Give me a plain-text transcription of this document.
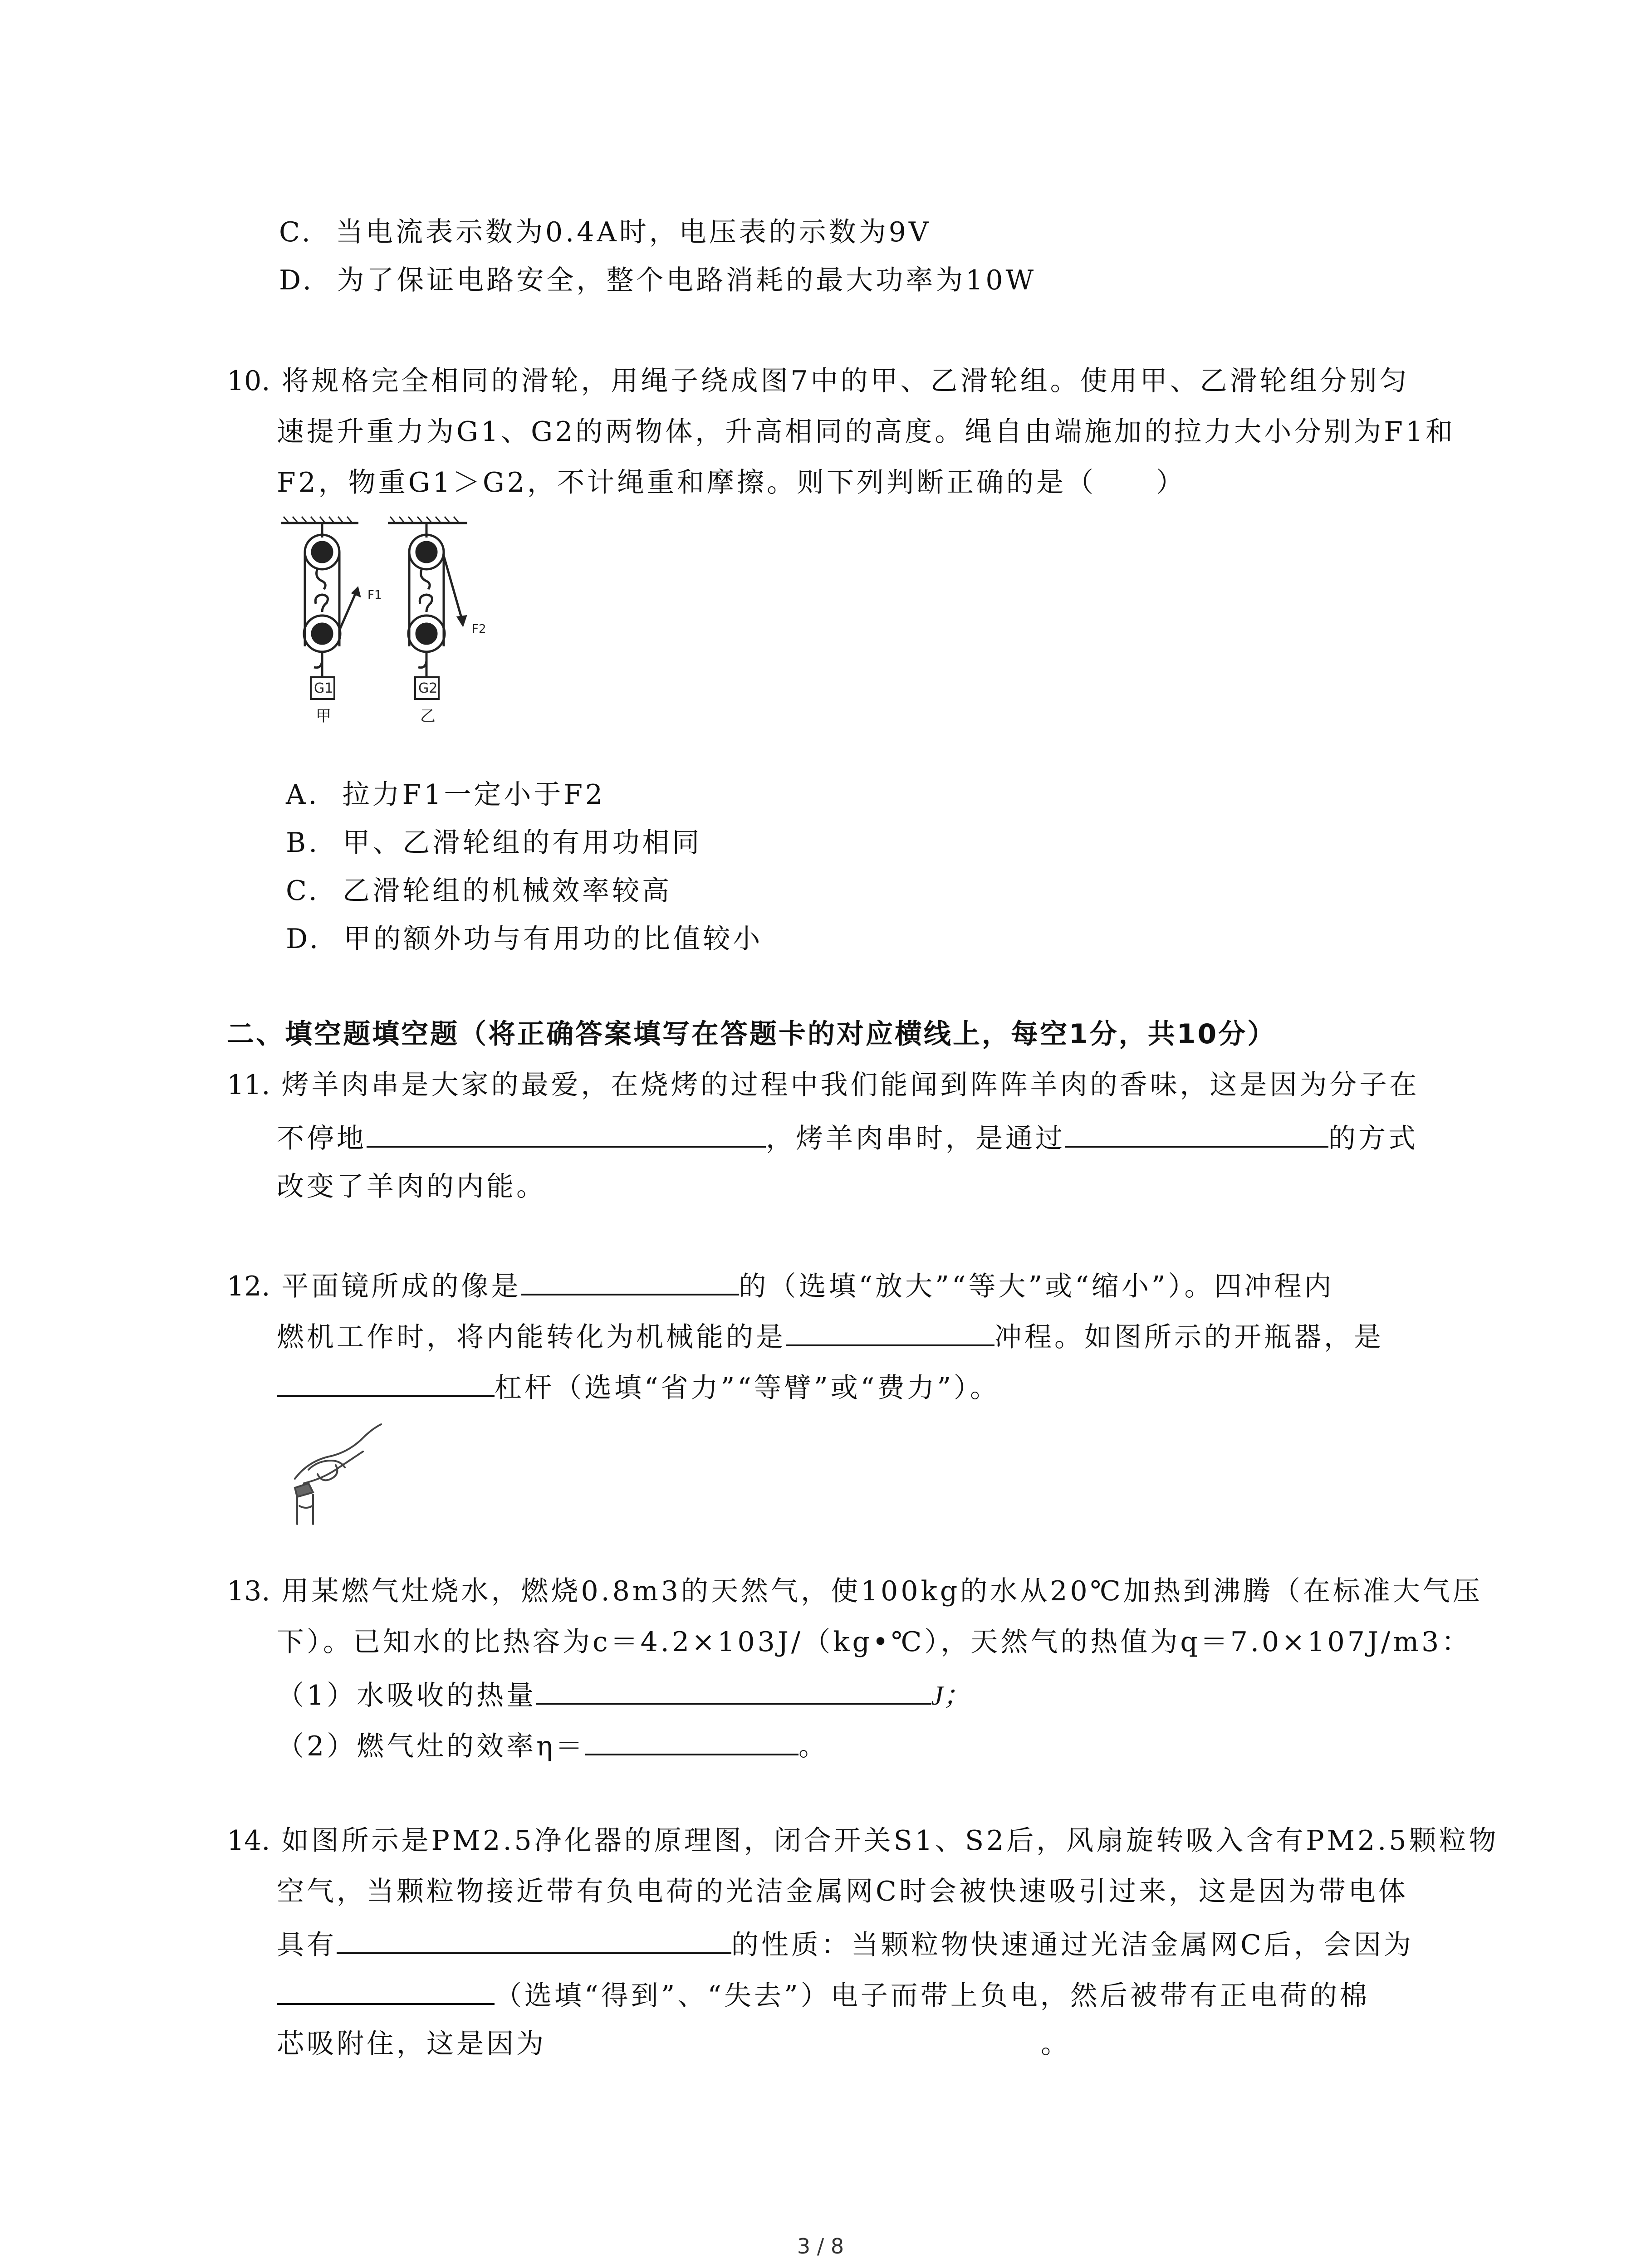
C. 当电流表示数为0.4A时，电压表的示数为9V
D. 为了保证电路安全，整个电路消耗的最大功率为10W
10. 将规格完全相同的滑轮，用绳子绕成图7中的甲、乙滑轮组。使用甲、乙滑轮组分别匀
速提升重力为G1、G2的两物体，升高相同的高度。绳自由端施加的拉力大小分别为F1和
F2，物重G1＞G2，不计绳重和摩擦。则下列判断正确的是（　　）
F1
G1
甲
F2
G2
乙
A. 拉力F1一定小于F2
B. 甲、乙滑轮组的有用功相同
C. 乙滑轮组的机械效率较高
D. 甲的额外功与有用功的比值较小
二、填空题填空题（将正确答案填写在答题卡的对应横线上，每空1分，共10分）
11. 烤羊肉串是大家的最爱，在烧烤的过程中我们能闻到阵阵羊肉的香味，这是因为分子在
不停地	，烤羊肉串时，是通过	的方式
改变了羊肉的内能。
12. 平面镜所成的像是	的（选填“放大”“等大”或“缩小”）。四冲程内
燃机工作时，将内能转化为机械能的是	冲程。如图所示的开瓶器，是
杠杆（选填“省力”“等臂”或“费力”）。
13. 用某燃气灶烧水，燃烧0.8m3的天然气，使100kg的水从20℃加热到沸腾（在标准大气压
下）。已知水的比热容为c＝4.2×103J/（kg•℃），天然气的热值为q＝7.0×107J/m3：
（1）水吸收的热量	J；
（2）燃气灶的效率η＝	。
14. 如图所示是PM2.5净化器的原理图，闭合开关S1、S2后，风扇旋转吸入含有PM2.5颗粒物
空气，当颗粒物接近带有负电荷的光洁金属网C时会被快速吸引过来，这是因为带电体
具有	的性质：当颗粒物快速通过光洁金属网C后，会因为
（选填“得到”、“失去”）电子而带上负电，然后被带有正电荷的棉
芯吸附住，这是因为	。
3 / 8
